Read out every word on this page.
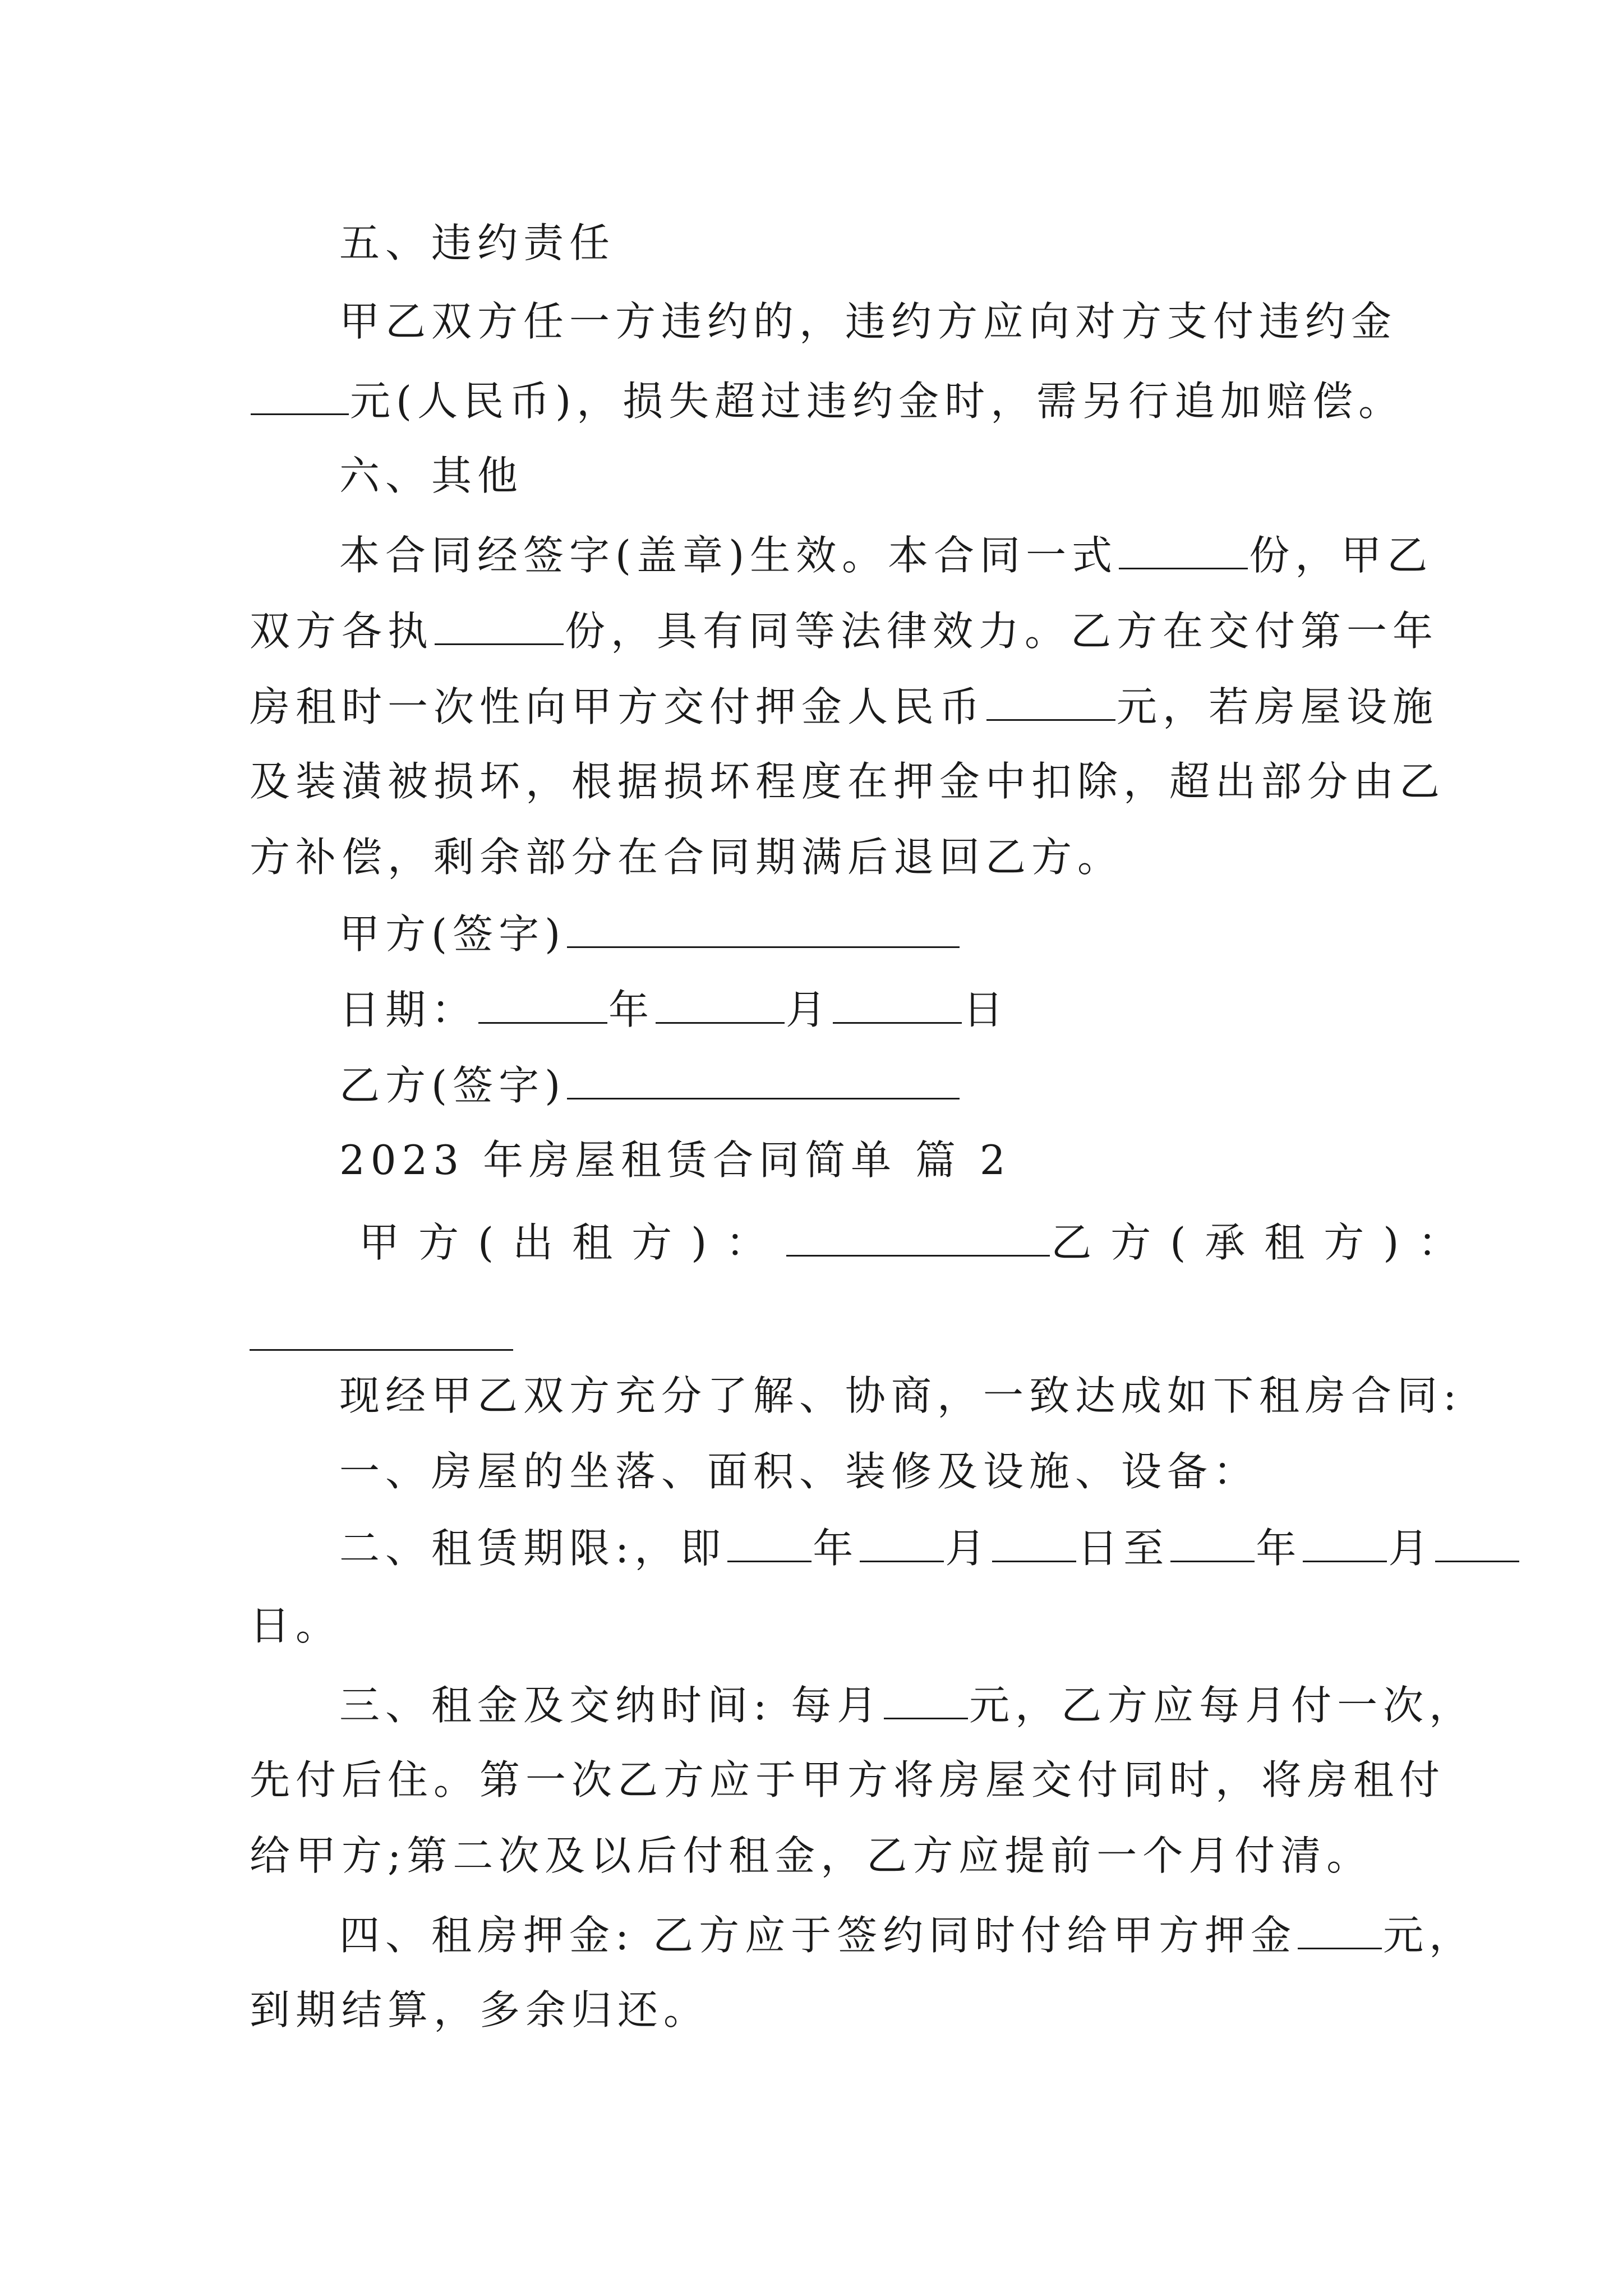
五、违约责任
甲乙双方任一方违约的，违约方应向对方支付违约金
元(人民币)，损失超过违约金时，需另行追加赔偿。
六、其他
本合同经签字(盖章)生效。本合同一式	份，甲乙
双方各执	份，具有同等法律效力。乙方在交付第一年
房租时一次性向甲方交付押金人民币	元，若房屋设施
及装潢被损坏，根据损坏程度在押金中扣除，超出部分由乙
方补偿，剩余部分在合同期满后退回乙方。
甲方(签字)
日期：	年	月	日
乙方(签字)
2023 年房屋租赁合同简单 篇 2
甲方(出租方)：	乙方(承租方)：
现经甲乙双方充分了解、协商，一致达成如下租房合同:
一、房屋的坐落、面积、装修及设施、设备：
二、租赁期限:，即 年 月 日至 年 月
日。
三、租金及交纳时间: 每月 元，乙方应每月付一次，
先付后住。第一次乙方应于甲方将房屋交付同时，将房租付
给甲方;第二次及以后付租金，乙方应提前一个月付清。
四、租房押金: 乙方应于签约同时付给甲方押金 元，
到期结算，多余归还。
